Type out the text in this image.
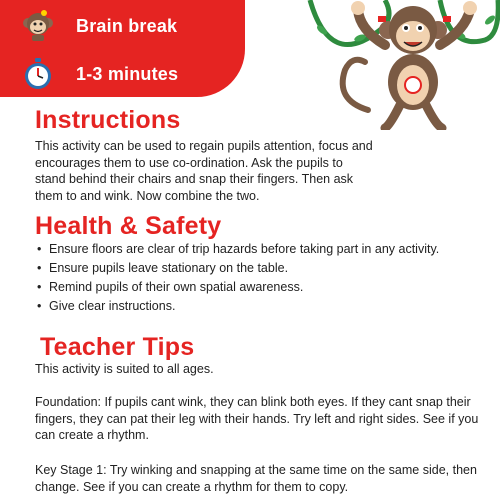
Brain break
1-3 minutes
Instructions

This activity can be used to regain pupils attention, focus and encourages them to use co-ordination. Ask the pupils to stand behind their chairs and snap their fingers. Then ask them to and wink. Now combine the two.

Health & Safety
• Ensure floors are clear of trip hazards before taking part in any activity.
• Ensure pupils leave stationary on the table.
• Remind pupils of their own spatial awareness.
• Give clear instructions.
Teacher Tips

This activity is suited to all ages.

Foundation: If pupils cant wink, they can blink both eyes. If they cant snap their fingers, they can pat their leg with their hands. Try left and right sides. See if you can create a rhythm.

Key Stage 1: Try winking and snapping at the same time on the same side, then change. See if you can create a rhythm for them to copy.
